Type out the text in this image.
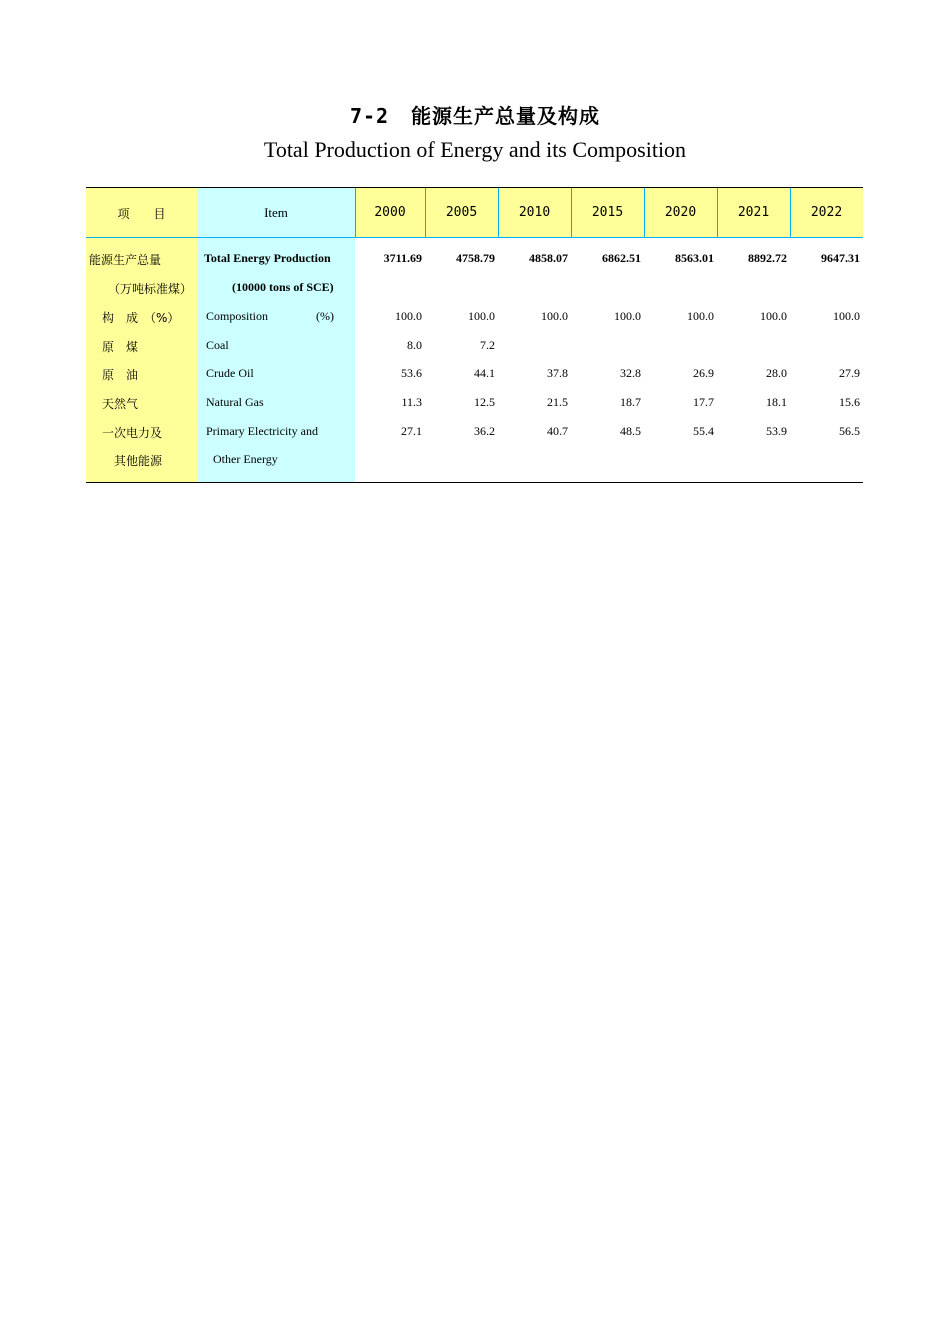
7-2 能源生产总量及构成
Total Production of Energy and its Composition
项　　目	Item	2000	2005	2010	2015	2020	2021	2022
能源生产总量	Total Energy Production	3711.69	4758.79	4858.07	6862.51	8563.01	8892.72	9647.31
（万吨标准煤）	(10000 tons of SCE)
构　成　（%） Composition	(%)	100.0	100.0	100.0	100.0	100.0	100.0	100.0
原　煤	Coal	8.0	7.2
原　油	Crude Oil	53.6	44.1	37.8	32.8	26.9	28.0	27.9
天然气	Natural Gas	11.3	12.5	21.5	18.7	17.7	18.1	15.6
一次电力及	Primary Electricity and	27.1	36.2	40.7	48.5	55.4	53.9	56.5
其他能源	Other Energy
